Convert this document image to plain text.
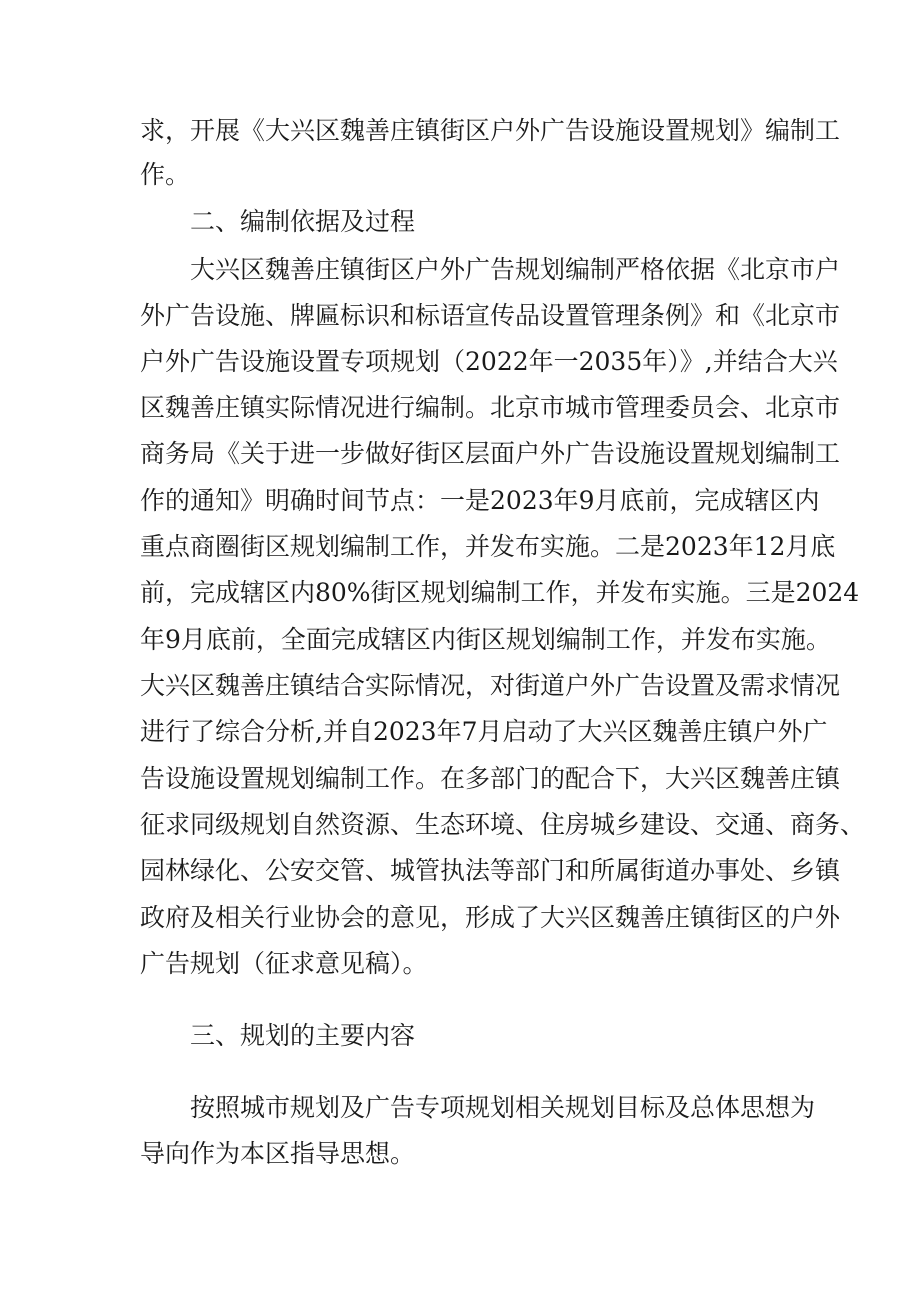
求，开展《大兴区魏善庄镇街区户外广告设施设置规划》编制工
作。
二、编制依据及过程
大兴区魏善庄镇街区户外广告规划编制严格依据《北京市户
外广告设施、牌匾标识和标语宣传品设置管理条例》和《北京市
户外广告设施设置专项规划（2022年一2035年）》,并结合大兴
区魏善庄镇实际情况进行编制。北京市城市管理委员会、北京市
商务局《关于进一步做好街区层面户外广告设施设置规划编制工
作的通知》明确时间节点：一是2023年9月底前，完成辖区内
重点商圈街区规划编制工作，并发布实施。二是2023年12月底
前，完成辖区内80%街区规划编制工作，并发布实施。三是2024
年9月底前，全面完成辖区内街区规划编制工作，并发布实施。
大兴区魏善庄镇结合实际情况，对街道户外广告设置及需求情况
进行了综合分析,并自2023年7月启动了大兴区魏善庄镇户外广
告设施设置规划编制工作。在多部门的配合下，大兴区魏善庄镇
征求同级规划自然资源、生态环境、住房城乡建设、交通、商务、
园林绿化、公安交管、城管执法等部门和所属街道办事处、乡镇
政府及相关行业协会的意见，形成了大兴区魏善庄镇街区的户外
广告规划（征求意见稿）。
三、规划的主要内容
按照城市规划及广告专项规划相关规划目标及总体思想为
导向作为本区指导思想。
